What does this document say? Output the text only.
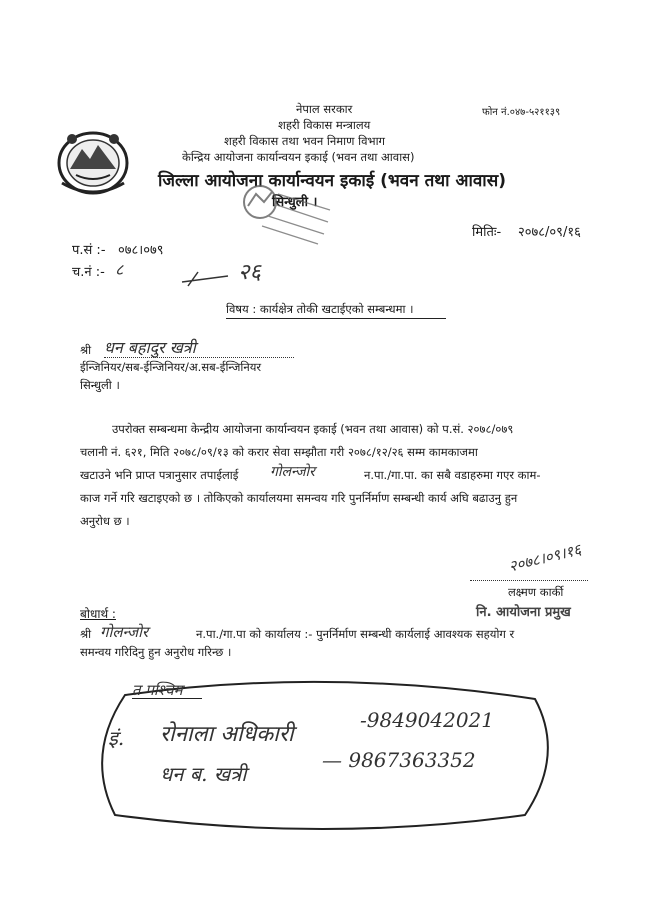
नेपाल सरकार	फोन नं.०४७-५२११३९
शहरी विकास मन्त्रालय
शहरी विकास तथा भवन निमाण विभाग
केन्द्रिय आयोजना कार्यान्वयन इकाई (भवन तथा आवास)
जिल्ला आयोजना कार्यान्वयन इकाई (भवन तथा आवास)
सिन्धुली ।
मितिः- २०७८/०९/१६
प.सं :- ०७८।०७९
च.नं :- ८	२६
विषय : कार्यक्षेत्र तोकी खटाईएको सम्बन्धमा ।
श्री धन बहादुर खत्री
ईन्जिनियर/सब-ईन्जिनियर/अ.सब-ईन्जिनियर
सिन्धुली ।
उपरोक्त सम्बन्धमा केन्द्रीय आयोजना कार्यान्वयन इकाई (भवन तथा आवास) को प.सं. २०७८/०७९
चलानी नं. ६२१, मिति २०७८/०९/१३ को करार सेवा सम्झौता गरी २०७८/१२/२६ सम्म कामकाजमा
खटाउने भनि प्राप्त पत्रानुसार तपाईलाई गोलन्जोर	न.पा./गा.पा. का सबै वडाहरुमा गएर काम-
काज गर्ने गरि खटाइएको छ । तोकिएको कार्यालयमा समन्वय गरि पुनर्निर्माण सम्बन्धी कार्य अघि बढाउनु हुन
अनुरोध छ ।
२०७८।०९।१६
लक्ष्मण कार्की
नि. आयोजना प्रमुख
बोधार्थ :
श्री गोलन्जोर	न.पा./गा.पा को कार्यालय :- पुनर्निर्माण सम्बन्धी कार्यलाई आवश्यक सहयोग र
समन्वय गरिदिनु हुन अनुरोध गरिन्छ ।
त पश्चिम
इं. रोनाला अधिकारी
-9849042021
धन ब. खत्री
— 9867363352
